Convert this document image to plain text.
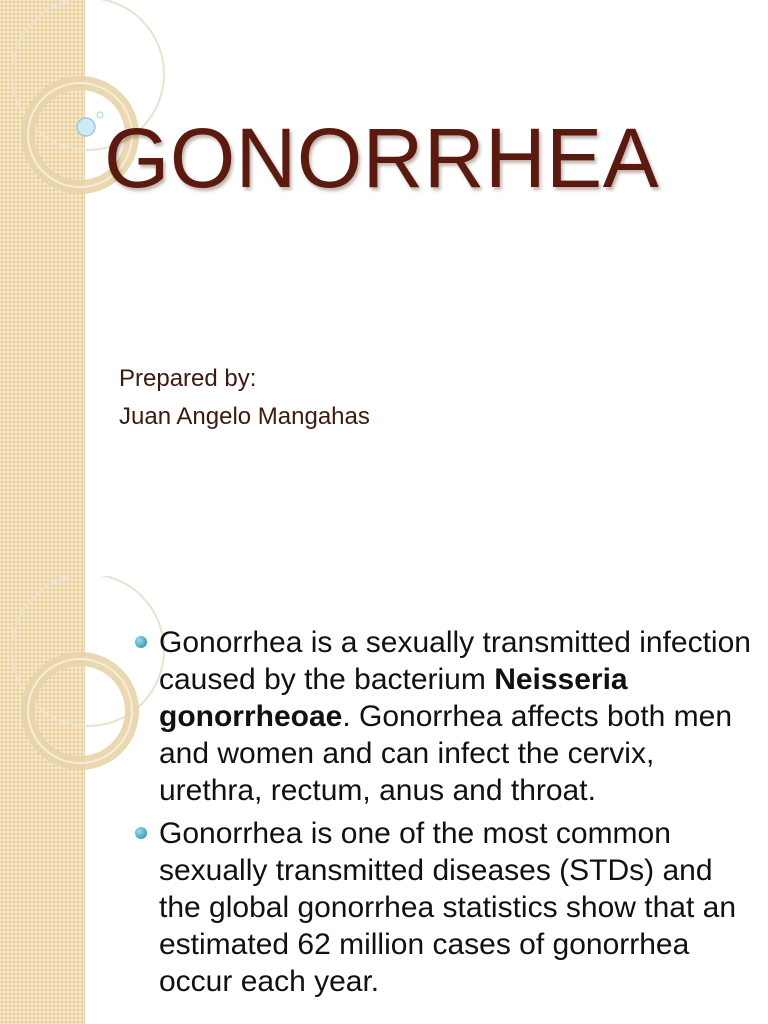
GONORRHEA
Prepared by:
Juan Angelo Mangahas
Gonorrhea is a sexually transmitted infection caused by the bacterium Neisseria gonorrheoae. Gonorrhea affects both men and women and can infect the cervix, urethra, rectum, anus and throat.
Gonorrhea is one of the most common sexually transmitted diseases (STDs) and the global gonorrhea statistics show that an estimated 62 million cases of gonorrhea occur each year.
